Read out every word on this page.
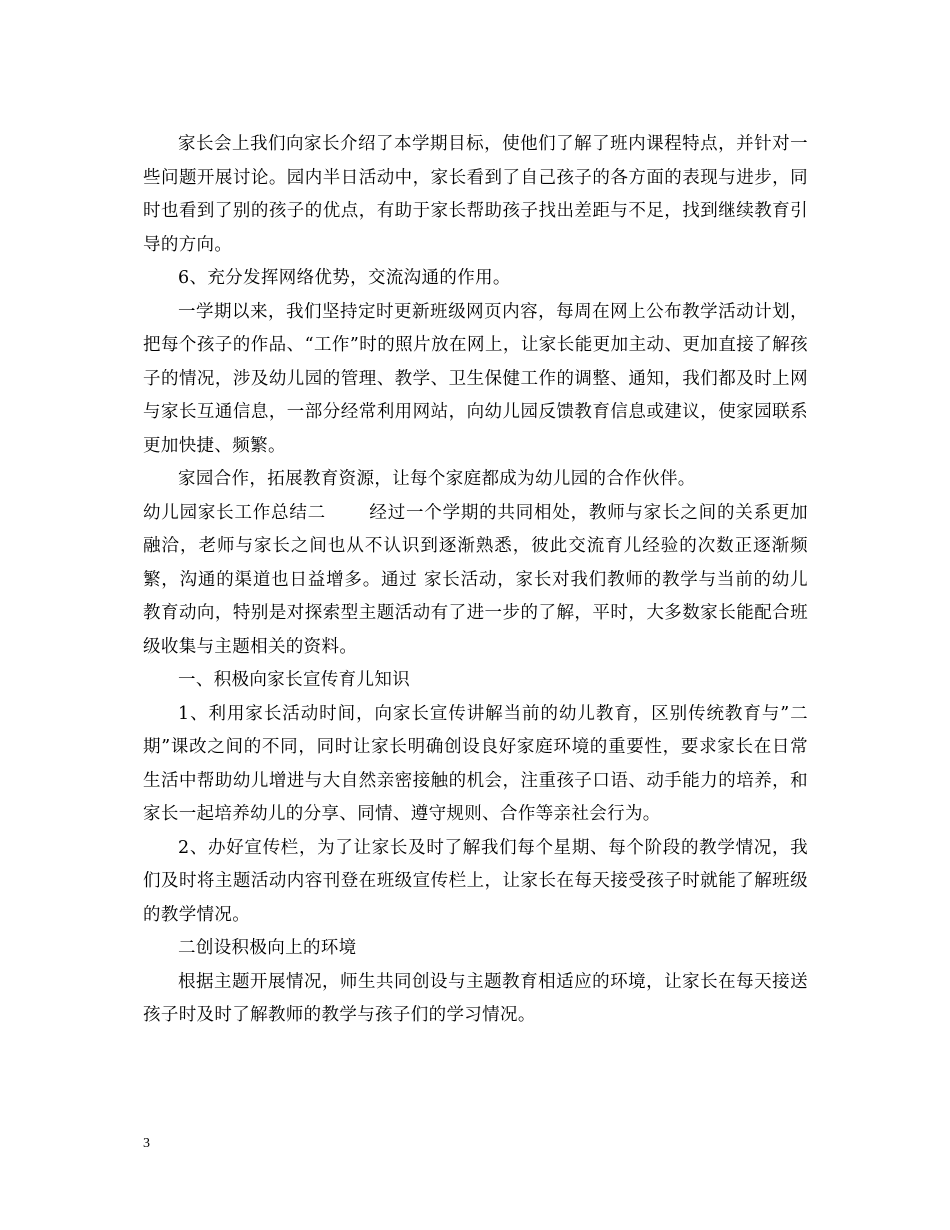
家长会上我们向家长介绍了本学期目标，使他们了解了班内课程特点，并针对一些问题开展讨论。园内半日活动中，家长看到了自己孩子的各方面的表现与进步，同时也看到了别的孩子的优点，有助于家长帮助孩子找出差距与不足，找到继续教育引导的方向。

6、充分发挥网络优势，交流沟通的作用。

一学期以来，我们坚持定时更新班级网页内容，每周在网上公布教学活动计划，把每个孩子的作品、“工作”时的照片放在网上，让家长能更加主动、更加直接了解孩子的情况，涉及幼儿园的管理、教学、卫生保健工作的调整、通知，我们都及时上网与家长互通信息，一部分经常利用网站，向幼儿园反馈教育信息或建议，使家园联系更加快捷、频繁。

家园合作，拓展教育资源，让每个家庭都成为幼儿园的合作伙伴。

幼儿园家长工作总结二 经过一个学期的共同相处，教师与家长之间的关系更加融洽，老师与家长之间也从不认识到逐渐熟悉，彼此交流育儿经验的次数正逐渐频繁，沟通的渠道也日益增多。通过 家长活动，家长对我们教师的教学与当前的幼儿教育动向，特别是对探索型主题活动有了进一步的了解，平时，大多数家长能配合班级收集与主题相关的资料。

一、积极向家长宣传育儿知识

1、利用家长活动时间，向家长宣传讲解当前的幼儿教育，区别传统教育与”二期”课改之间的不同，同时让家长明确创设良好家庭环境的重要性，要求家长在日常生活中帮助幼儿增进与大自然亲密接触的机会，注重孩子口语、动手能力的培养，和家长一起培养幼儿的分享、同情、遵守规则、合作等亲社会行为。

2、办好宣传栏，为了让家长及时了解我们每个星期、每个阶段的教学情况，我们及时将主题活动内容刊登在班级宣传栏上，让家长在每天接受孩子时就能了解班级的教学情况。

二创设积极向上的环境

根据主题开展情况，师生共同创设与主题教育相适应的环境，让家长在每天接送孩子时及时了解教师的教学与孩子们的学习情况。

3
